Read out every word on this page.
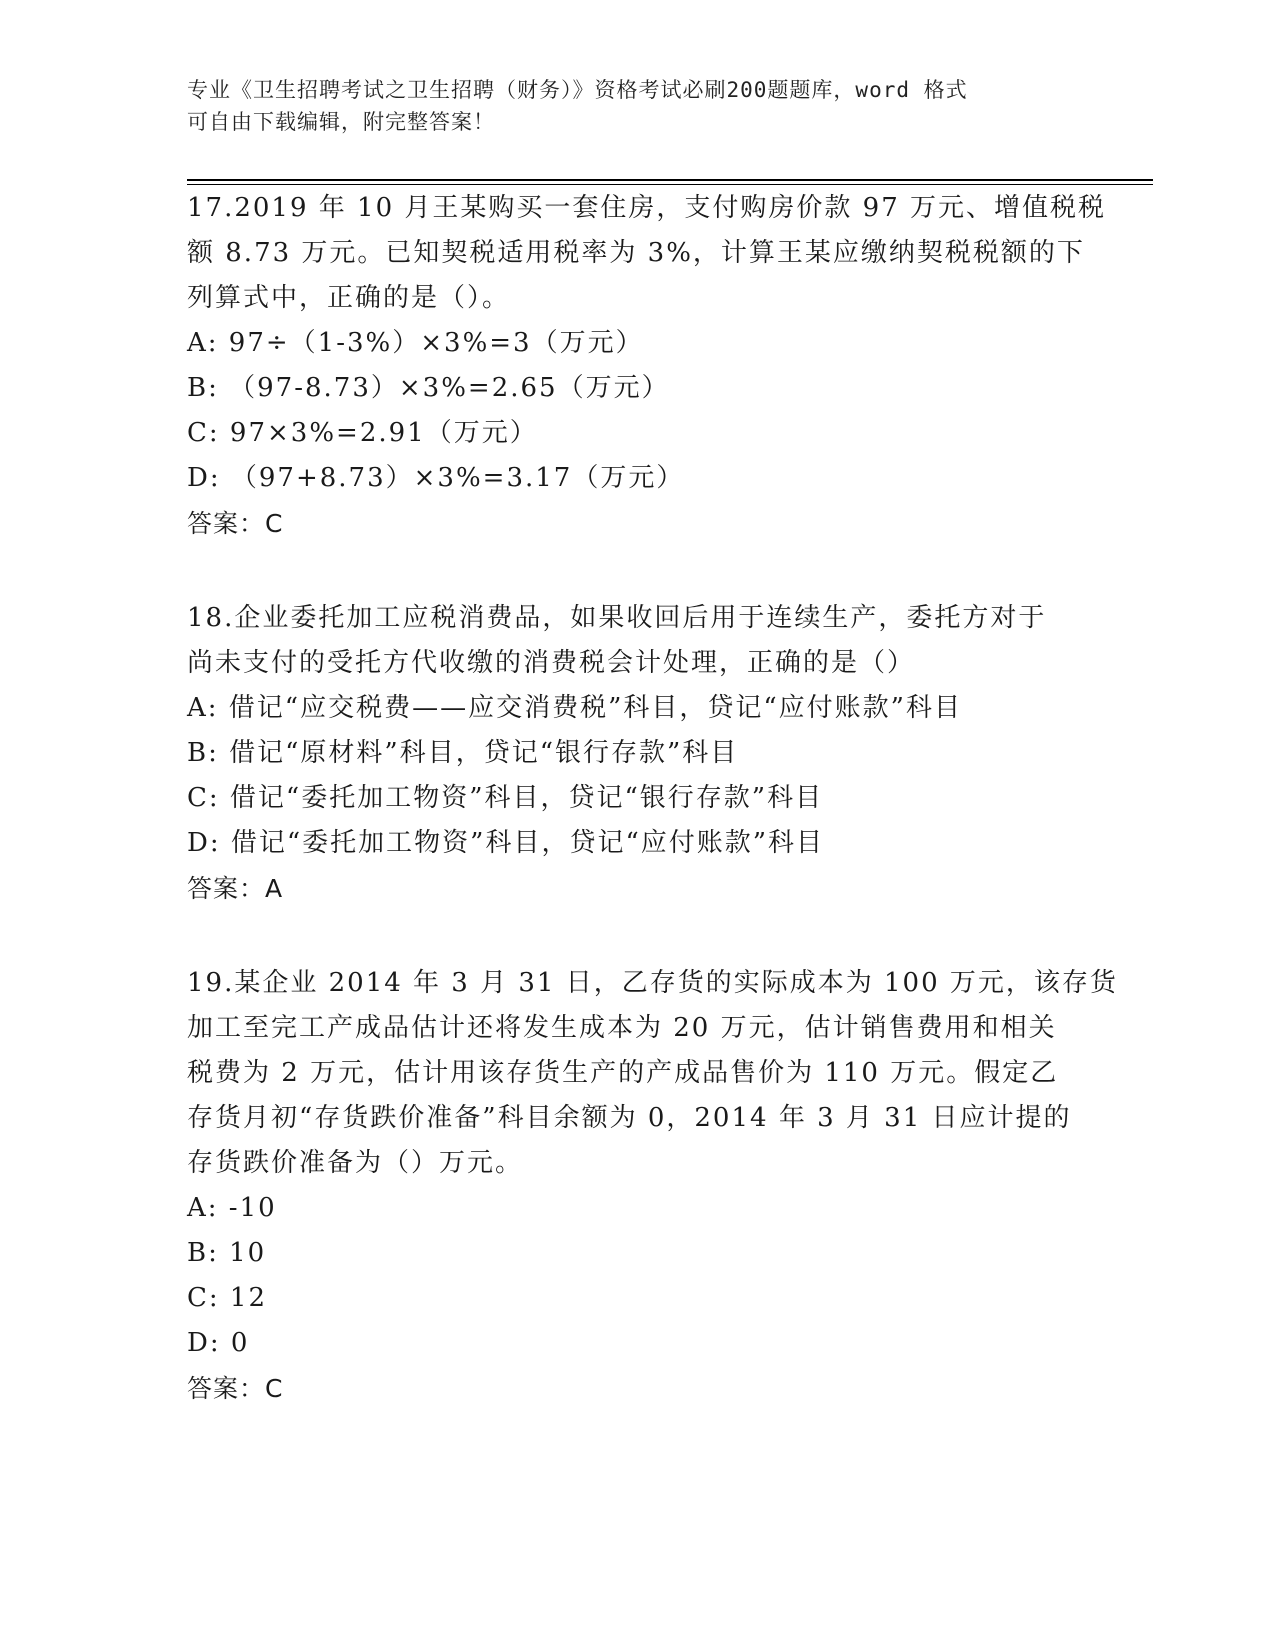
专业《卫生招聘考试之卫生招聘（财务）》资格考试必刷200题题库，word 格式
可自由下载编辑，附完整答案！
17.2019 年 10 月王某购买一套住房，支付购房价款 97 万元、增值税税
额 8.73 万元。已知契税适用税率为 3%，计算王某应缴纳契税税额的下
列算式中，正确的是（）。
A: 97÷（1-3%）×3%=3（万元）
B: （97-8.73）×3%=2.65（万元）
C: 97×3%=2.91（万元）
D: （97+8.73）×3%=3.17（万元）
答案：C
18.企业委托加工应税消费品，如果收回后用于连续生产，委托方对于
尚未支付的受托方代收缴的消费税会计处理，正确的是（）
A: 借记“应交税费——应交消费税”科目，贷记“应付账款”科目
B: 借记“原材料”科目，贷记“银行存款”科目
C: 借记“委托加工物资”科目，贷记“银行存款”科目
D: 借记“委托加工物资”科目，贷记“应付账款”科目
答案：A
19.某企业 2014 年 3 月 31 日，乙存货的实际成本为 100 万元，该存货
加工至完工产成品估计还将发生成本为 20 万元，估计销售费用和相关
税费为 2 万元，估计用该存货生产的产成品售价为 110 万元。假定乙
存货月初“存货跌价准备”科目余额为 0，2014 年 3 月 31 日应计提的
存货跌价准备为（）万元。
A: -10
B: 10
C: 12
D: 0
答案：C
